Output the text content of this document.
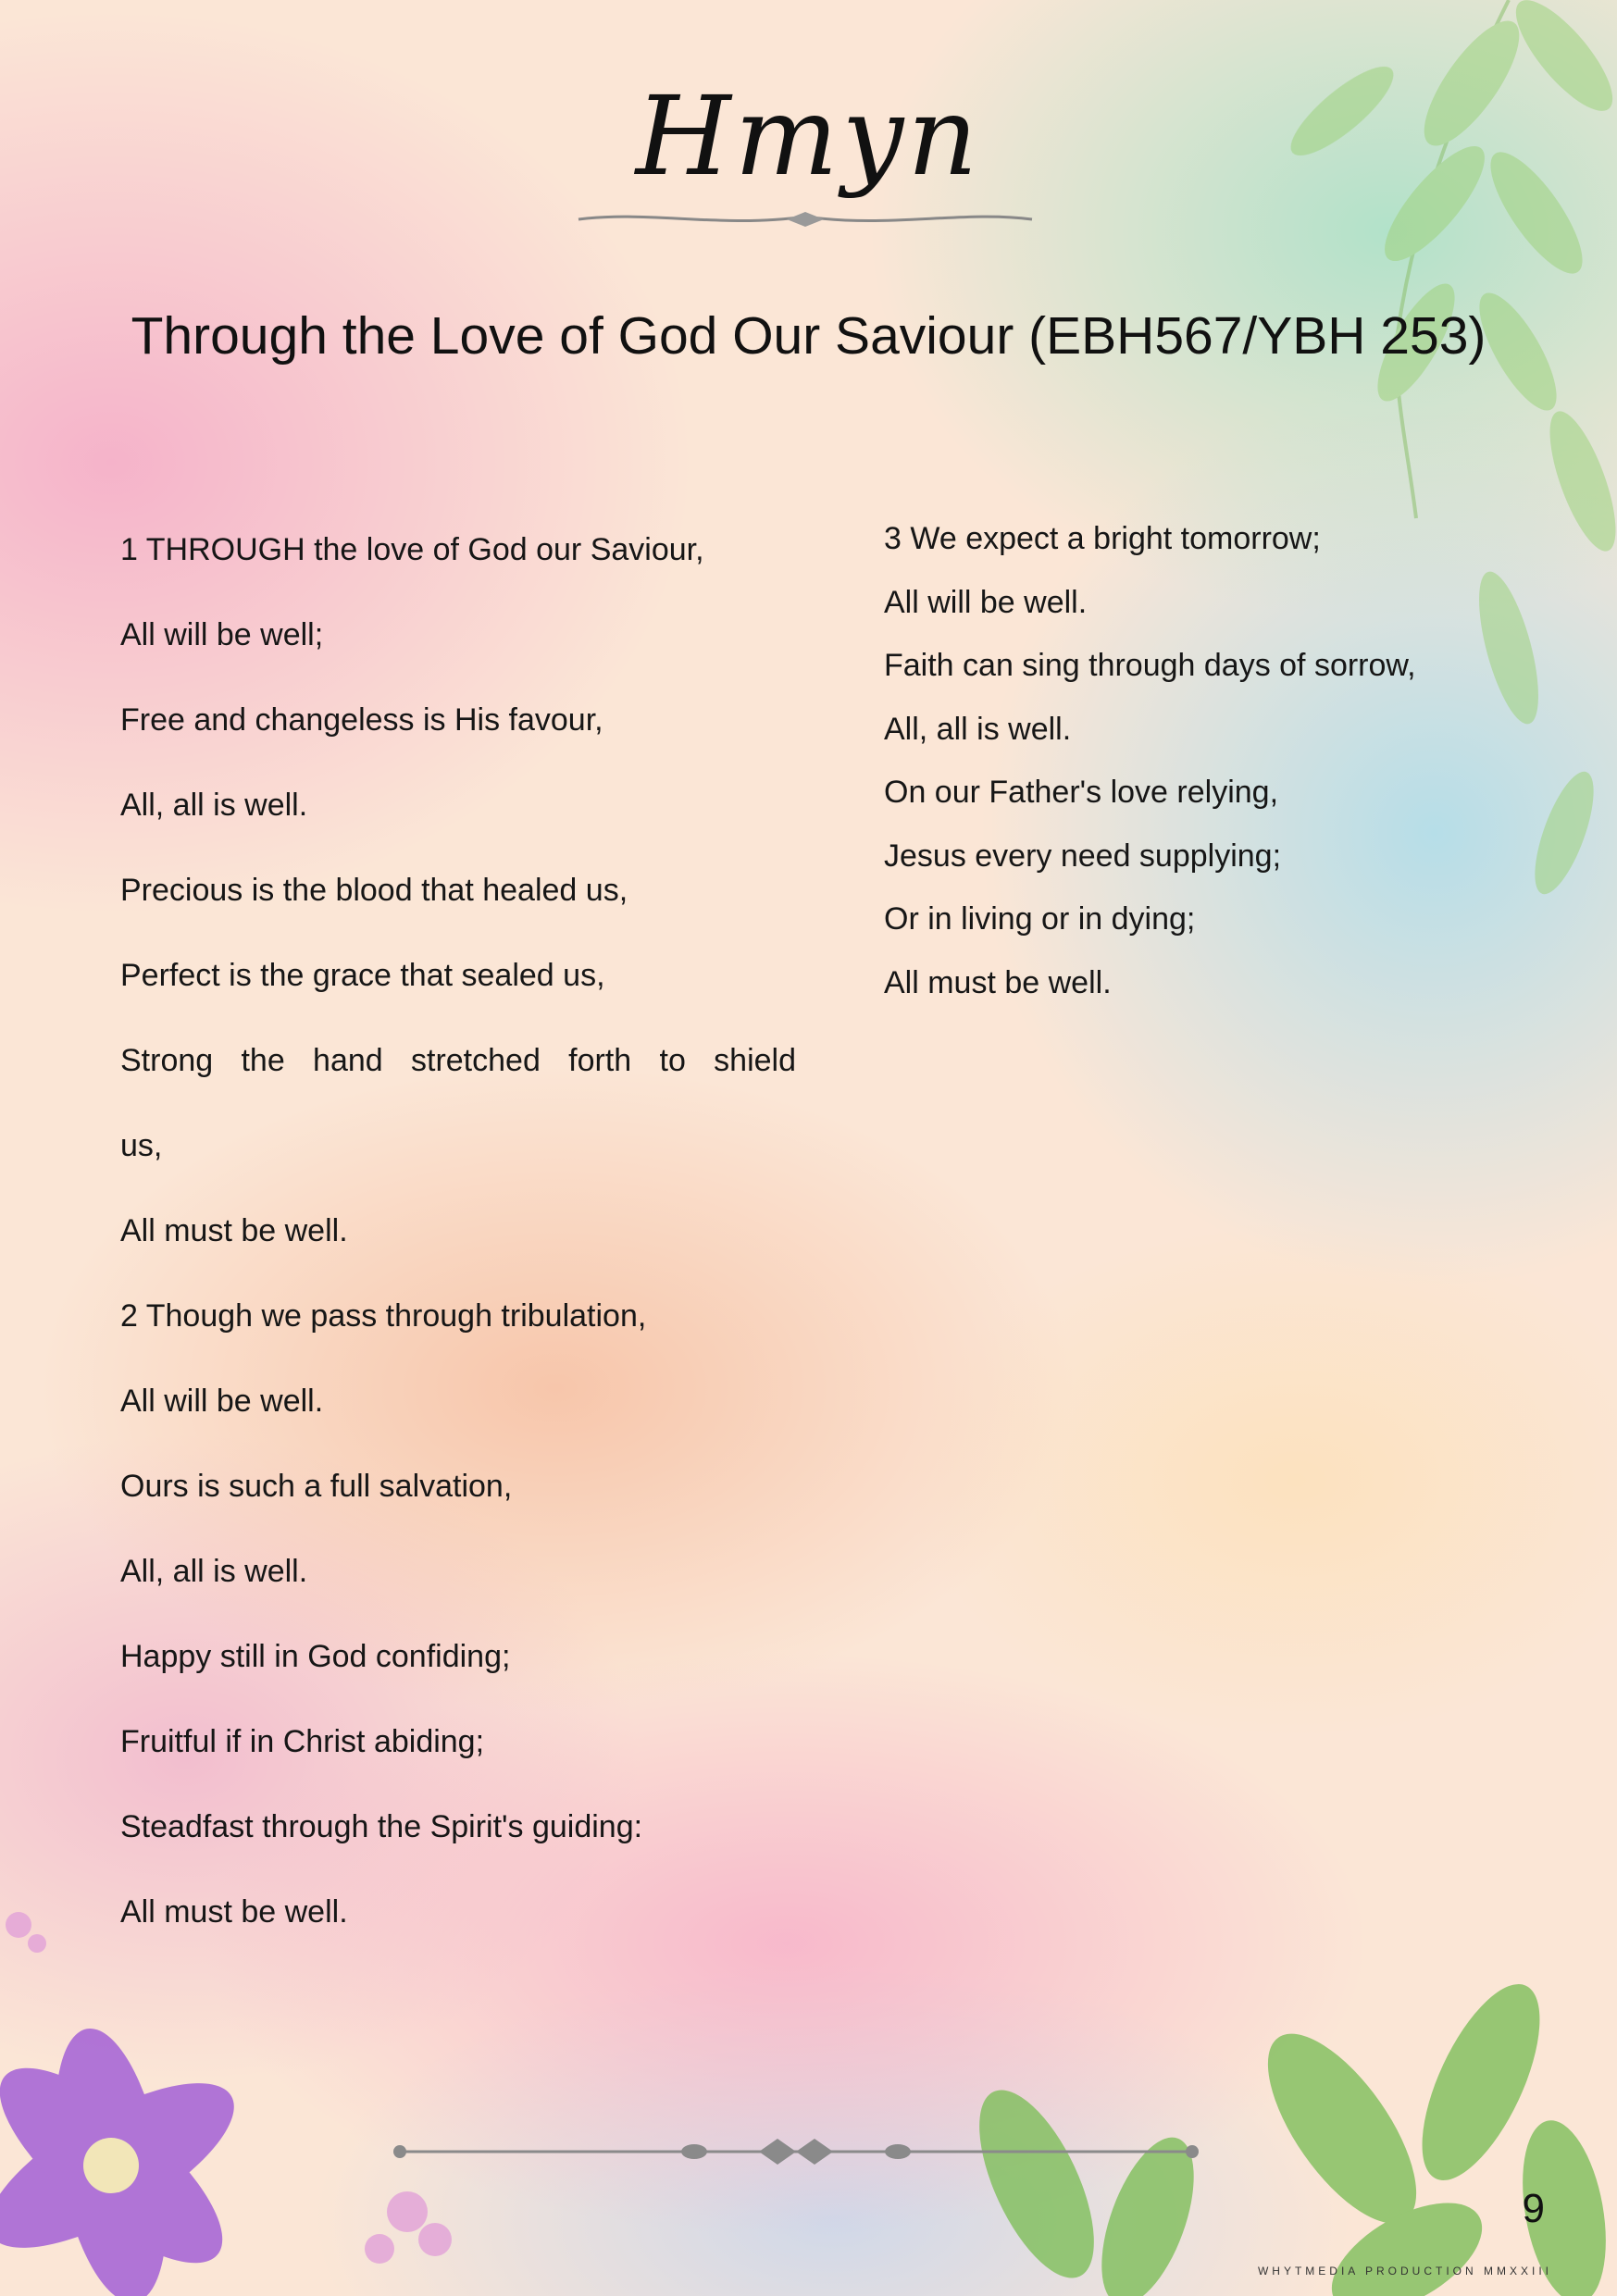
Hmyn
Through the Love of God Our Saviour (EBH567/YBH 253)
1 THROUGH the love of God our Saviour,
All will be well;
Free and changeless is His favour,
All, all is well.
Precious is the blood that healed us,
Perfect is the grace that sealed us,
Strong the hand stretched forth to shield
us,
All must be well.
2 Though we pass through tribulation,
All will be well.
Ours is such a full salvation,
All, all is well.
Happy still in God confiding;
Fruitful if in Christ abiding;
Steadfast through the Spirit's guiding:
All must be well.
3 We expect a bright tomorrow;
All will be well.
Faith can sing through days of sorrow,
All, all is well.
On our Father's love relying,
Jesus every need supplying;
Or in living or in dying;
All must be well.
9
WHYTMEDIA PRODUCTION MMXXIII
